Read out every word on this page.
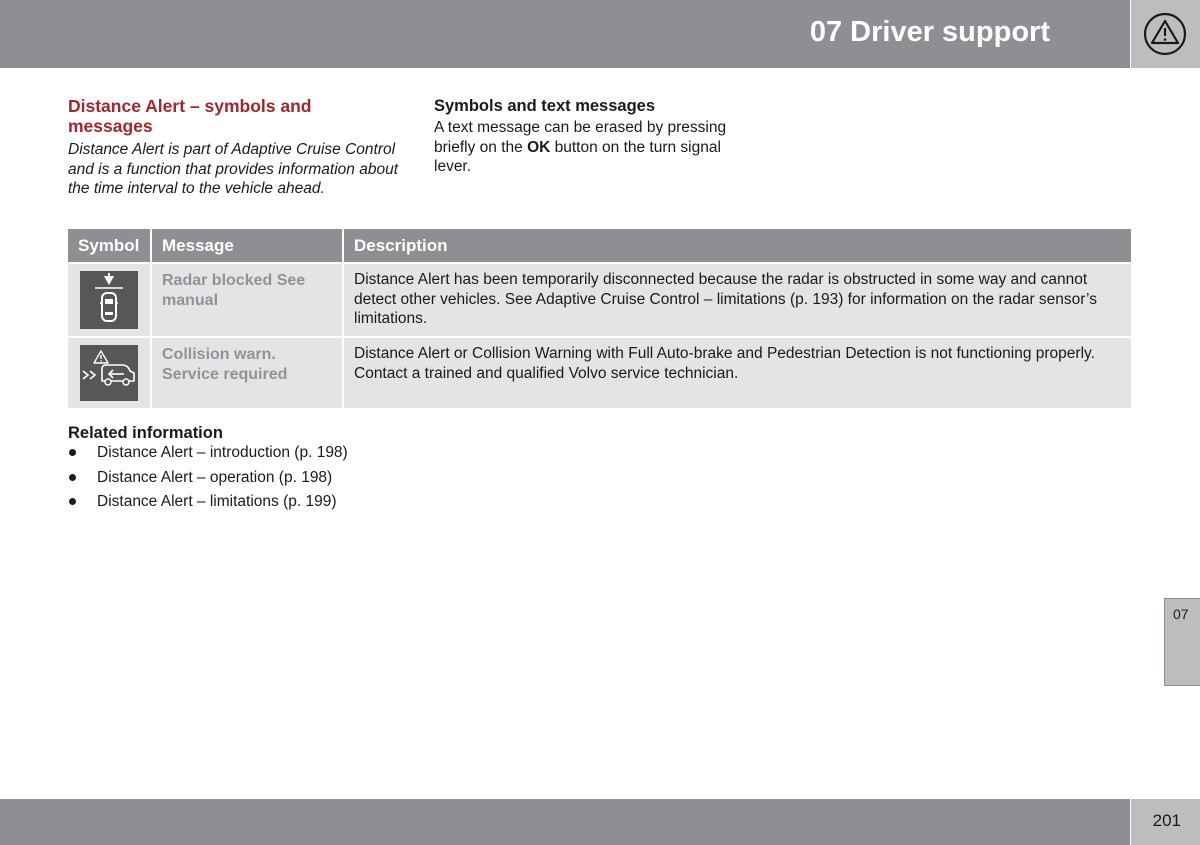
07 Driver support
Distance Alert – symbols and messages

Distance Alert is part of Adaptive Cruise Control and is a function that provides information about the time interval to the vehicle ahead.

Symbols and text messages

A text message can be erased by pressing briefly on the OK button on the turn signal lever.

Symbol	Message	Description
Radar blocked See manual
Distance Alert has been temporarily disconnected because the radar is obstructed in some way and cannot detect other vehicles. See Adaptive Cruise Control – limitations (p. 193) for information on the radar sensor’s limitations.
Collision warn. Service required
Distance Alert or Collision Warning with Full Auto-brake and Pedestrian Detection is not functioning properly. Contact a trained and qualified Volvo service technician.
Related information
Distance Alert – introduction (p. 198)
Distance Alert – operation (p. 198)
Distance Alert – limitations (p. 199)
07
201
